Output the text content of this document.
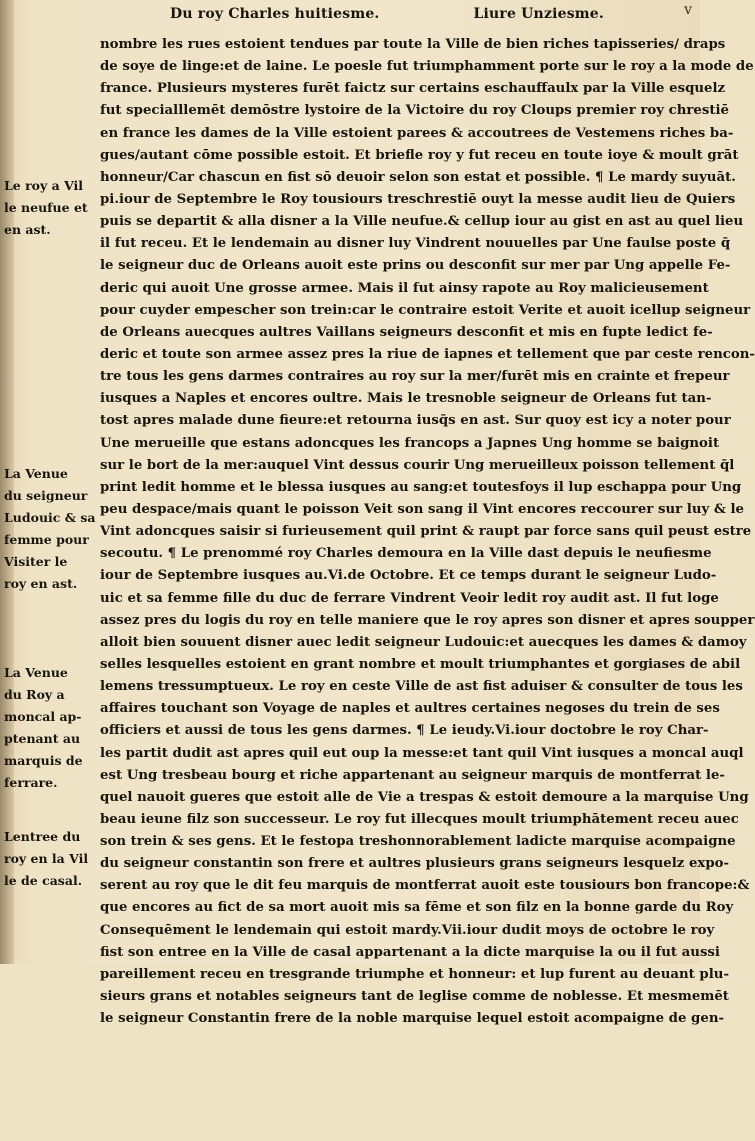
Du roy Charles huitiesme.	Liure Unziesme.	v
nombre les rues estoient tendues par toute la Ville de bien riches tapisseries/ draps
de soye de linge:et de laine. Le poesle fut triumphamment porte sur le roy a la mode de
france. Plusieurs mysteres furēt faictz sur certains eschauffaulx par la Ville esquelz
fut specialllemēt demōstre lystoire de la Victoire du roy Cloups premier roy chrestiē
en france les dames de la Ville estoient parees & accoutrees de Vestemens riches ba-
gues/autant cōme possible estoit. Et briefle roy y fut receu en toute ioye & moult grāt
honneur/Car chascun en fist sō deuoir selon son estat et possible. ¶ Le mardy suyuāt.
pi.iour de Septembre le Roy tousiours treschrestiē ouyt la messe audit lieu de Quiers
puis se departit & alla disner a la Ville neufue.& cellup iour au gist en ast au quel lieu
il fut receu. Et le lendemain au disner luy Vindrent nouuelles par Une faulse poste q̄
le seigneur duc de Orleans auoit este prins ou desconfit sur mer par Ung appelle Fe-
deric qui auoit Une grosse armee. Mais il fut ainsy rapote au Roy malicieusement
pour cuyder empescher son trein:car le contraire estoit Verite et auoit icellup seigneur
de Orleans auecques aultres Vaillans seigneurs desconfit et mis en fupte ledict fe-
deric et toute son armee assez pres la riue de iapnes et tellement que par ceste rencon-
tre tous les gens darmes contraires au roy sur la mer/furēt mis en crainte et frepeur
iusques a Naples et encores oultre. Mais le tresnoble seigneur de Orleans fut tan-
tost apres malade dune fieure:et retourna iusq̄s en ast. Sur quoy est icy a noter pour
Une merueille que estans adoncques les francops a Japnes Ung homme se baignoit
sur le bort de la mer:auquel Vint dessus courir Ung merueilleux poisson tellement q̄l
print ledit homme et le blessa iusques au sang:et toutesfoys il lup eschappa pour Ung
peu despace/mais quant le poisson Veit son sang il Vint encores reccourer sur luy & le
Vint adoncques saisir si furieusement quil print & raupt par force sans quil peust estre
secoutu. ¶ Le prenommé roy Charles demoura en la Ville dast depuis le neufiesme
iour de Septembre iusques au.Vi.de Octobre. Et ce temps durant le seigneur Ludo-
uic et sa femme fille du duc de ferrare Vindrent Veoir ledit roy audit ast. Il fut loge
assez pres du logis du roy en telle maniere que le roy apres son disner et apres soupper
alloit bien souuent disner auec ledit seigneur Ludouic:et auecques les dames & damoy
selles lesquelles estoient en grant nombre et moult triumphantes et gorgiases de abil
lemens tressumptueux. Le roy en ceste Ville de ast fist aduiser & consulter de tous les
affaires touchant son Voyage de naples et aultres certaines negoses du trein de ses
officiers et aussi de tous les gens darmes. ¶ Le ieudy.Vi.iour doctobre le roy Char-
les partit dudit ast apres quil eut oup la messe:et tant quil Vint iusques a moncal auql
est Ung tresbeau bourg et riche appartenant au seigneur marquis de montferrat le-
quel nauoit gueres que estoit alle de Vie a trespas & estoit demoure a la marquise Ung
beau ieune filz son successeur. Le roy fut illecques moult triumphātement receu auec
son trein & ses gens. Et le festopa treshonnorablement ladicte marquise acompaigne
du seigneur constantin son frere et aultres plusieurs grans seigneurs lesquelz expo-
serent au roy que le dit feu marquis de montferrat auoit este tousiours bon francope:&
que encores au fict de sa mort auoit mis sa fēme et son filz en la bonne garde du Roy
Consequēment le lendemain qui estoit mardy.Vii.iour dudit moys de octobre le roy
fist son entree en la Ville de casal appartenant a la dicte marquise la ou il fut aussi
pareillement receu en tresgrande triumphe et honneur: et lup furent au deuant plu-
sieurs grans et notables seigneurs tant de leglise comme de noblesse. Et mesmemēt
le seigneur Constantin frere de la noble marquise lequel estoit acompaigne de gen-
Le roy a Vil
le neufue et
en ast.
La Venue
du seigneur
Ludouic & sa
femme pour
Visiter le
roy en ast.
La Venue
du Roy a
moncal ap-
ptenant au
marquis de
ferrare.
Lentree du
roy en la Vil
le de casal.
